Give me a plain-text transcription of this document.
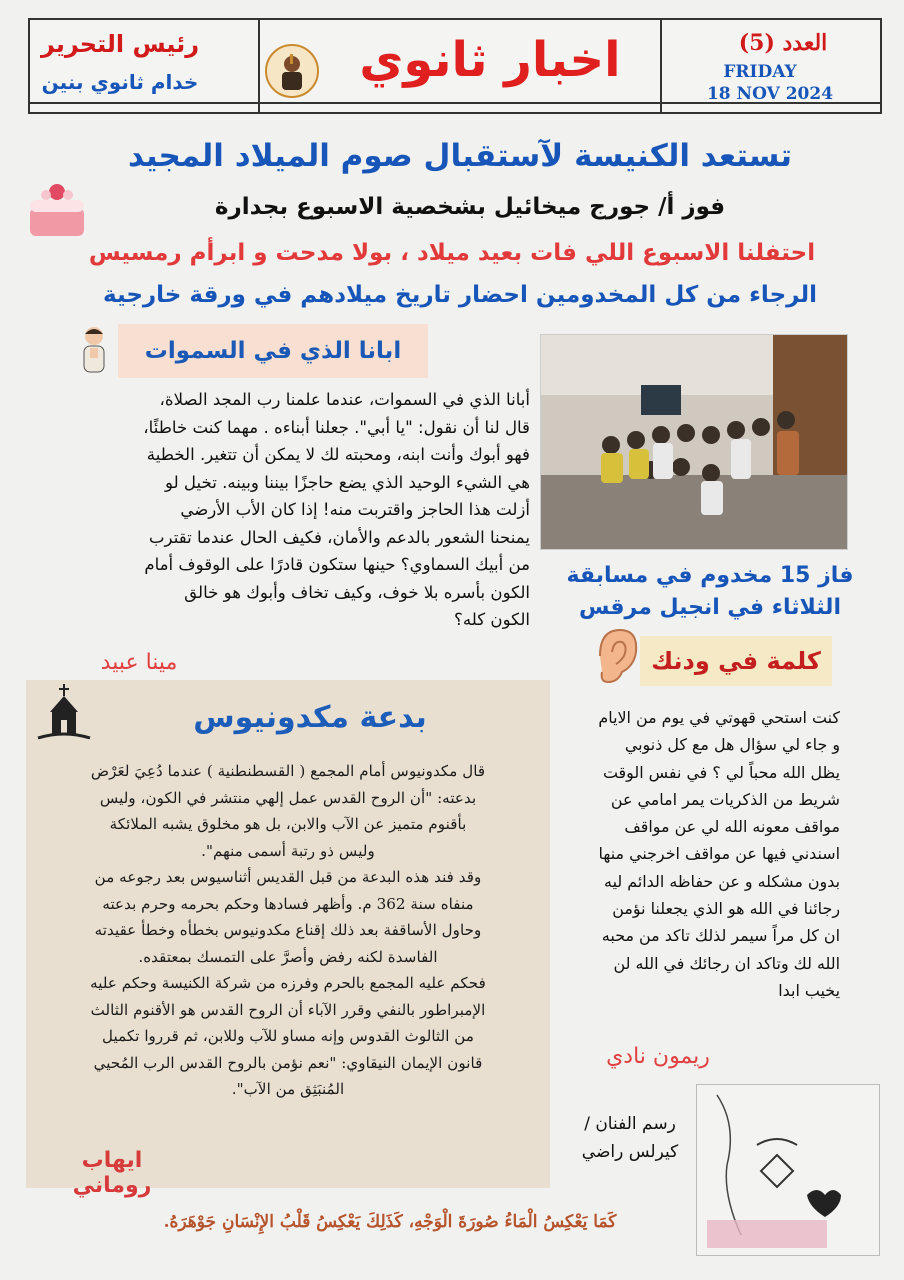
رئيس التحرير
خدام ثانوي بنين	اخبار ثانوي	العدد (5)
FRIDAY
18 NOV 2024
تستعد الكنيسة لآستقبال صوم الميلاد المجيد
فوز أ/ جورج ميخائيل بشخصية الاسبوع بجدارة
احتفلنا الاسبوع اللي فات بعيد ميلاد ، بولا مدحت و ابرأم رمسيس
الرجاء من كل المخدومين احضار تاريخ ميلادهم في ورقة خارجية
ابانا الذي في السموات
أبانا الذي في السموات، عندما علمنا رب المجد الصلاة،
قال لنا أن نقول: "يا أبي". جعلنا أبناءه . مهما كنت خاطئًا،
فهو أبوك وأنت ابنه، ومحبته لك لا يمكن أن تتغير. الخطية
هي الشيء الوحيد الذي يضع حاجزًا بيننا وبينه. تخيل لو
أزلت هذا الحاجز واقتربت منه! إذا كان الأب الأرضي
يمنحنا الشعور بالدعم والأمان، فكيف الحال عندما تقترب
من أبيك السماوي؟ حينها ستكون قادرًا على الوقوف أمام
الكون بأسره بلا خوف، وكيف تخاف وأبوك هو خالق
الكون كله؟
مينا عبيد
فاز 15 مخدوم في مسابقة
الثلاثاء في انجيل مرقس
كلمة في ودنك
كنت استحي قهوتي في يوم من الايام
و جاء لي سؤال هل مع كل ذنوبي
يظل الله محباً لي ؟ في نفس الوقت
شريط من الذكريات يمر امامي عن
مواقف معونه الله لي عن مواقف
اسندني فيها عن مواقف اخرجني منها
بدون مشكله و عن حفاظه الدائم ليه
رجائنا في الله هو الذي يجعلنا نؤمن
ان كل مراً سيمر لذلك تاكد من محبه
الله لك وتاكد ان رجائك في الله لن
يخيب ابدا
ريمون نادي
بدعة مكدونيوس
قال مكدونيوس أمام المجمع ( القسطنطنية ) عندما دُعِيَ لعَرْض
بدعته: "أن الروح القدس عمل إلهي منتشر في الكون، وليس
بأقنوم متميز عن الآب والابن، بل هو مخلوق يشبه الملائكة
وليس ذو رتبة أسمى منهم".
وقد فند هذه البدعة من قبل القديس أثناسيوس بعد رجوعه من
منفاه سنة 362 م. وأظهر فسادها وحكم بحرمه وحرم بدعته
وحاول الأساقفة بعد ذلك إقناع مكدونيوس بخطأه وخطأ عقيدته
الفاسدة لكنه رفض وأصرَّ على التمسك بمعتقده.
فحكم عليه المجمع بالحرم وفرزه من شركة الكنيسة وحكم عليه
الإمبراطور بالنفي وقرر الآباء أن الروح القدس هو الأقنوم الثالث
من الثالوث القدوس وإنه مساو للآب وللابن، ثم قرروا تكميل
قانون الإيمان النيقاوي: "نعم نؤمن بالروح القدس الرب المُحيي
المُنبَثِق من الآب".
ايهاب روماني
رسم الفنان /
كيرلس راضي
كَمَا يَعْكِسُ الْمَاءُ صُورَةَ الْوَجْهِ، كَذَلِكَ يَعْكِسُ قَلْبُ الإِنْسَانِ جَوْهَرَهُ.
